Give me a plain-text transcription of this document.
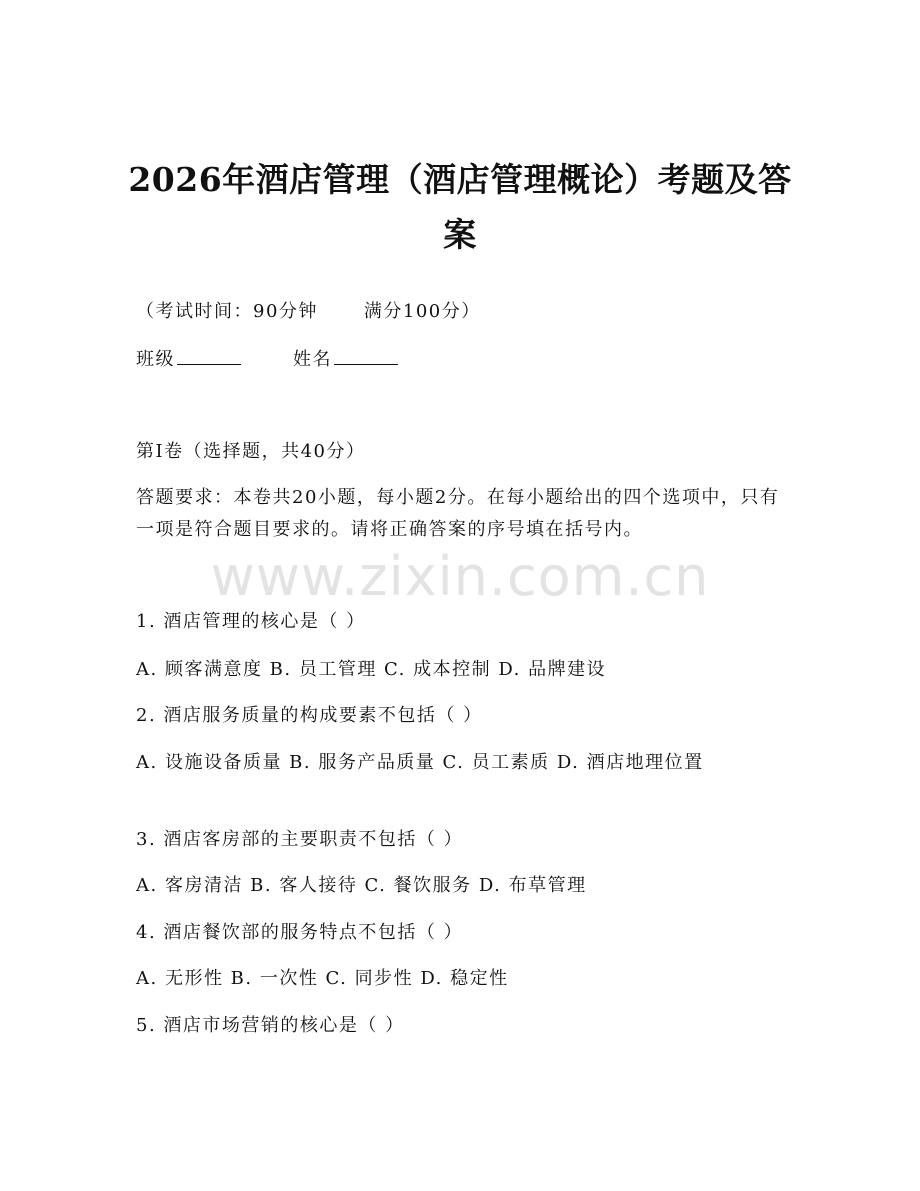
2026年酒店管理（酒店管理概论）考题及答案
（考试时间：90分钟	满分100分）
班级	姓名
第I卷（选择题，共40分）
答题要求：本卷共20小题，每小题2分。在每小题给出的四个选项中，只有一项是符合题目要求的。请将正确答案的序号填在括号内。
www.zixin.com.cn
1. 酒店管理的核心是（ ）
A. 顾客满意度 B. 员工管理 C. 成本控制 D. 品牌建设
2. 酒店服务质量的构成要素不包括（ ）
A. 设施设备质量 B. 服务产品质量 C. 员工素质 D. 酒店地理位置
3. 酒店客房部的主要职责不包括（ ）
A. 客房清洁 B. 客人接待 C. 餐饮服务 D. 布草管理
4. 酒店餐饮部的服务特点不包括（ ）
A. 无形性 B. 一次性 C. 同步性 D. 稳定性
5. 酒店市场营销的核心是（ ）
